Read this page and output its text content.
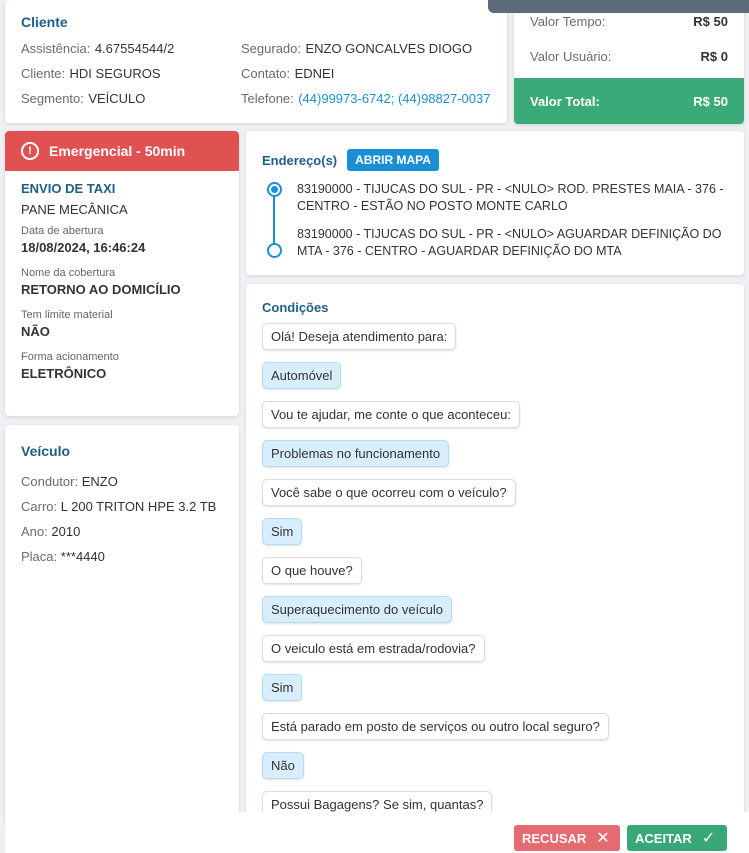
Cliente
Assistência: 4.67554544/2
Cliente: HDI SEGUROS
Segmento: VEÍCULO
Segurado: ENZO GONCALVES DIOGO
Contato: EDNEI
Telefone: (44)99973-6742; (44)98827-0037
Valor Tempo:	R$ 50
Valor Usuário:	R$ 0
Valor Total:	R$ 50
!	Emergencial - 50min
ENVIO DE TAXI
PANE MECÂNICA
Data de abertura
18/08/2024, 16:46:24
Nome da cobertura
RETORNO AO DOMICÍLIO
Tem limite material
NÃO
Forma acionamento
ELETRÔNICO
Veículo
Condutor: ENZO
Carro: L 200 TRITON HPE 3.2 TB
Ano: 2010
Placa: ***4440
Endereço(s)	ABRIR MAPA
83190000 - TIJUCAS DO SUL - PR - <NULO> ROD. PRESTES MAIA - 376 - CENTRO - ESTÃO NO POSTO MONTE CARLO
83190000 - TIJUCAS DO SUL - PR - <NULO> AGUARDAR DEFINIÇÃO DO MTA - 376 - CENTRO - AGUARDAR DEFINIÇÃO DO MTA
Condições
Olá! Deseja atendimento para:
Automóvel
Vou te ajudar, me conte o que aconteceu:
Problemas no funcionamento
Você sabe o que ocorreu com o veículo?
Sim
O que houve?
Superaquecimento do veículo
O veiculo está em estrada/rodovia?
Sim
Está parado em posto de serviços ou outro local seguro?
Não
Possui Bagagens? Se sim, quantas?
RECUSAR ✕ ACEITAR ✓
